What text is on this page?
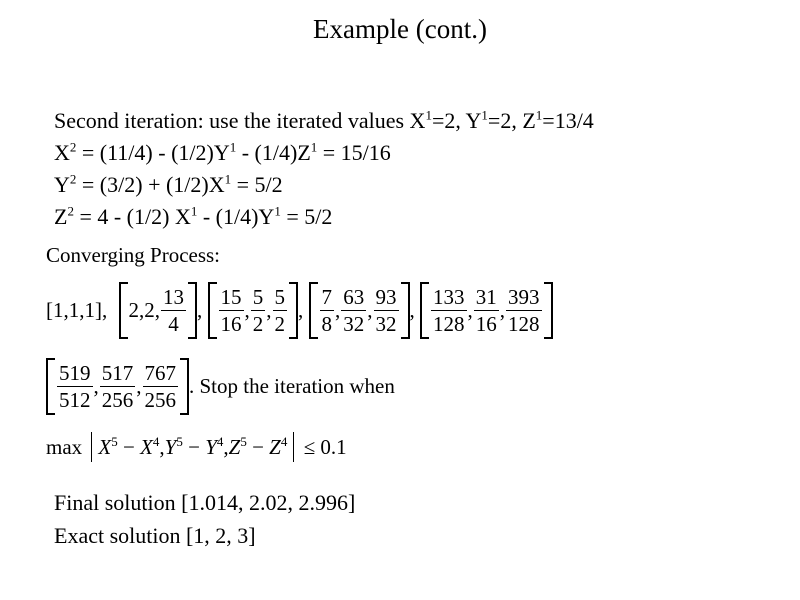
Example (cont.)
Second iteration: use the iterated values $X^1=2$, $Y^1=2$, $Z^1=13/4$
$X^2 = (11/4) - (1/2)Y^1 - (1/4)Z^1 = 15/16$
$Y^2 = (3/2) + (1/2)X^1 = 5/2$
$Z^2 = 4 - (1/2)$ $X^1 - (1/4)Y^1 = 5/2$
Converging Process:
[1,1,1], 2,2, $\frac{13}{4}$ , $\frac{15}{16}$ , $\frac{5}{2}$ , $\frac{5}{2}$ , $\frac{7}{8}$ , $\frac{63}{32}$ , $\frac{93}{32}$ , $\frac{133}{128}$ , $\frac{31}{16}$ , $\frac{393}{128}$
$\frac{519}{512}$ , $\frac{517}{256}$ , $\frac{767}{256}$ . Stop the iteration when
$\max X^5 - X^4,Y^5 - Y^4,Z^5 - Z^4 \le 0.1$
Final solution [1.014, 2.02, 2.996]
Exact solution [1, 2, 3]
